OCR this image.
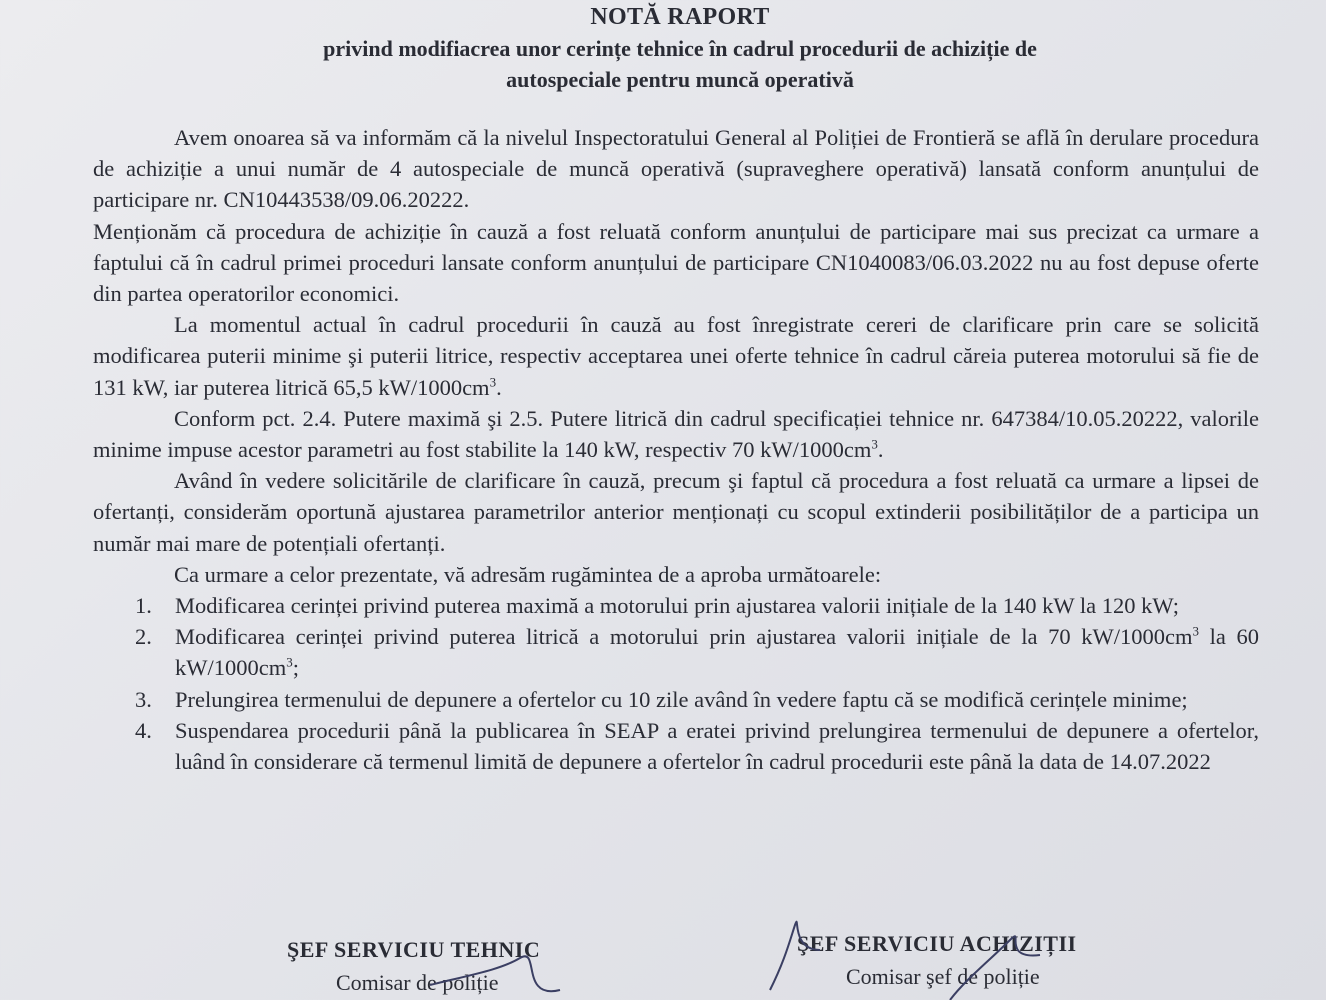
NOTĂ RAPORT
privind modifiacrea unor cerințe tehnice în cadrul procedurii de achiziție de
autospeciale pentru muncă operativă

Avem onoarea să va informăm că la nivelul Inspectoratului General al Poliției de Frontieră se află în derulare procedura de achiziție a unui număr de 4 autospeciale de muncă operativă (supraveghere operativă) lansată conform anunțului de participare nr. CN10443538/09.06.20222.

Menționăm că procedura de achiziție în cauză a fost reluată conform anunțului de participare mai sus precizat ca urmare a faptului că în cadrul primei proceduri lansate conform anunțului de participare CN1040083/06.03.2022 nu au fost depuse oferte din partea operatorilor economici.

La momentul actual în cadrul procedurii în cauză au fost înregistrate cereri de clarificare prin care se solicită modificarea puterii minime şi puterii litrice, respectiv acceptarea unei oferte tehnice în cadrul căreia puterea motorului să fie de 131 kW, iar puterea litrică 65,5 $kW/1000cm^3$.

Conform pct. 2.4. Putere maximă şi 2.5. Putere litrică din cadrul specificației tehnice nr. 647384/10.05.20222, valorile minime impuse acestor parametri au fost stabilite la 140 kW, respectiv 70 $kW/1000cm^3$.

Având în vedere solicitările de clarificare în cauză, precum şi faptul că procedura a fost reluată ca urmare a lipsei de ofertanți, considerăm oportună ajustarea parametrilor anterior menționați cu scopul extinderii posibilităților de a participa un număr mai mare de potențiali ofertanți.

Ca urmare a celor prezentate, vă adresăm rugămintea de a aproba următoarele:

1. Modificarea cerinței privind puterea maximă a motorului prin ajustarea valorii inițiale de la 140 kW la 120 kW;
2. Modificarea cerinței privind puterea litrică a motorului prin ajustarea valorii inițiale de la 70 $kW/1000cm^3$ la 60 $kW/1000cm^3$;
3. Prelungirea termenului de depunere a ofertelor cu 10 zile având în vedere faptu că se modifică cerințele minime;
4. Suspendarea procedurii până la publicarea în SEAP a eratei privind prelungirea termenului de depunere a ofertelor, luând în considerare că termenul limită de depunere a ofertelor în cadrul procedurii este până la data de 14.07.2022
ŞEF SERVICIU TEHNIC
Comisar de poliție
ŞEF SERVICIU ACHIZIȚII
Comisar şef de poliție
